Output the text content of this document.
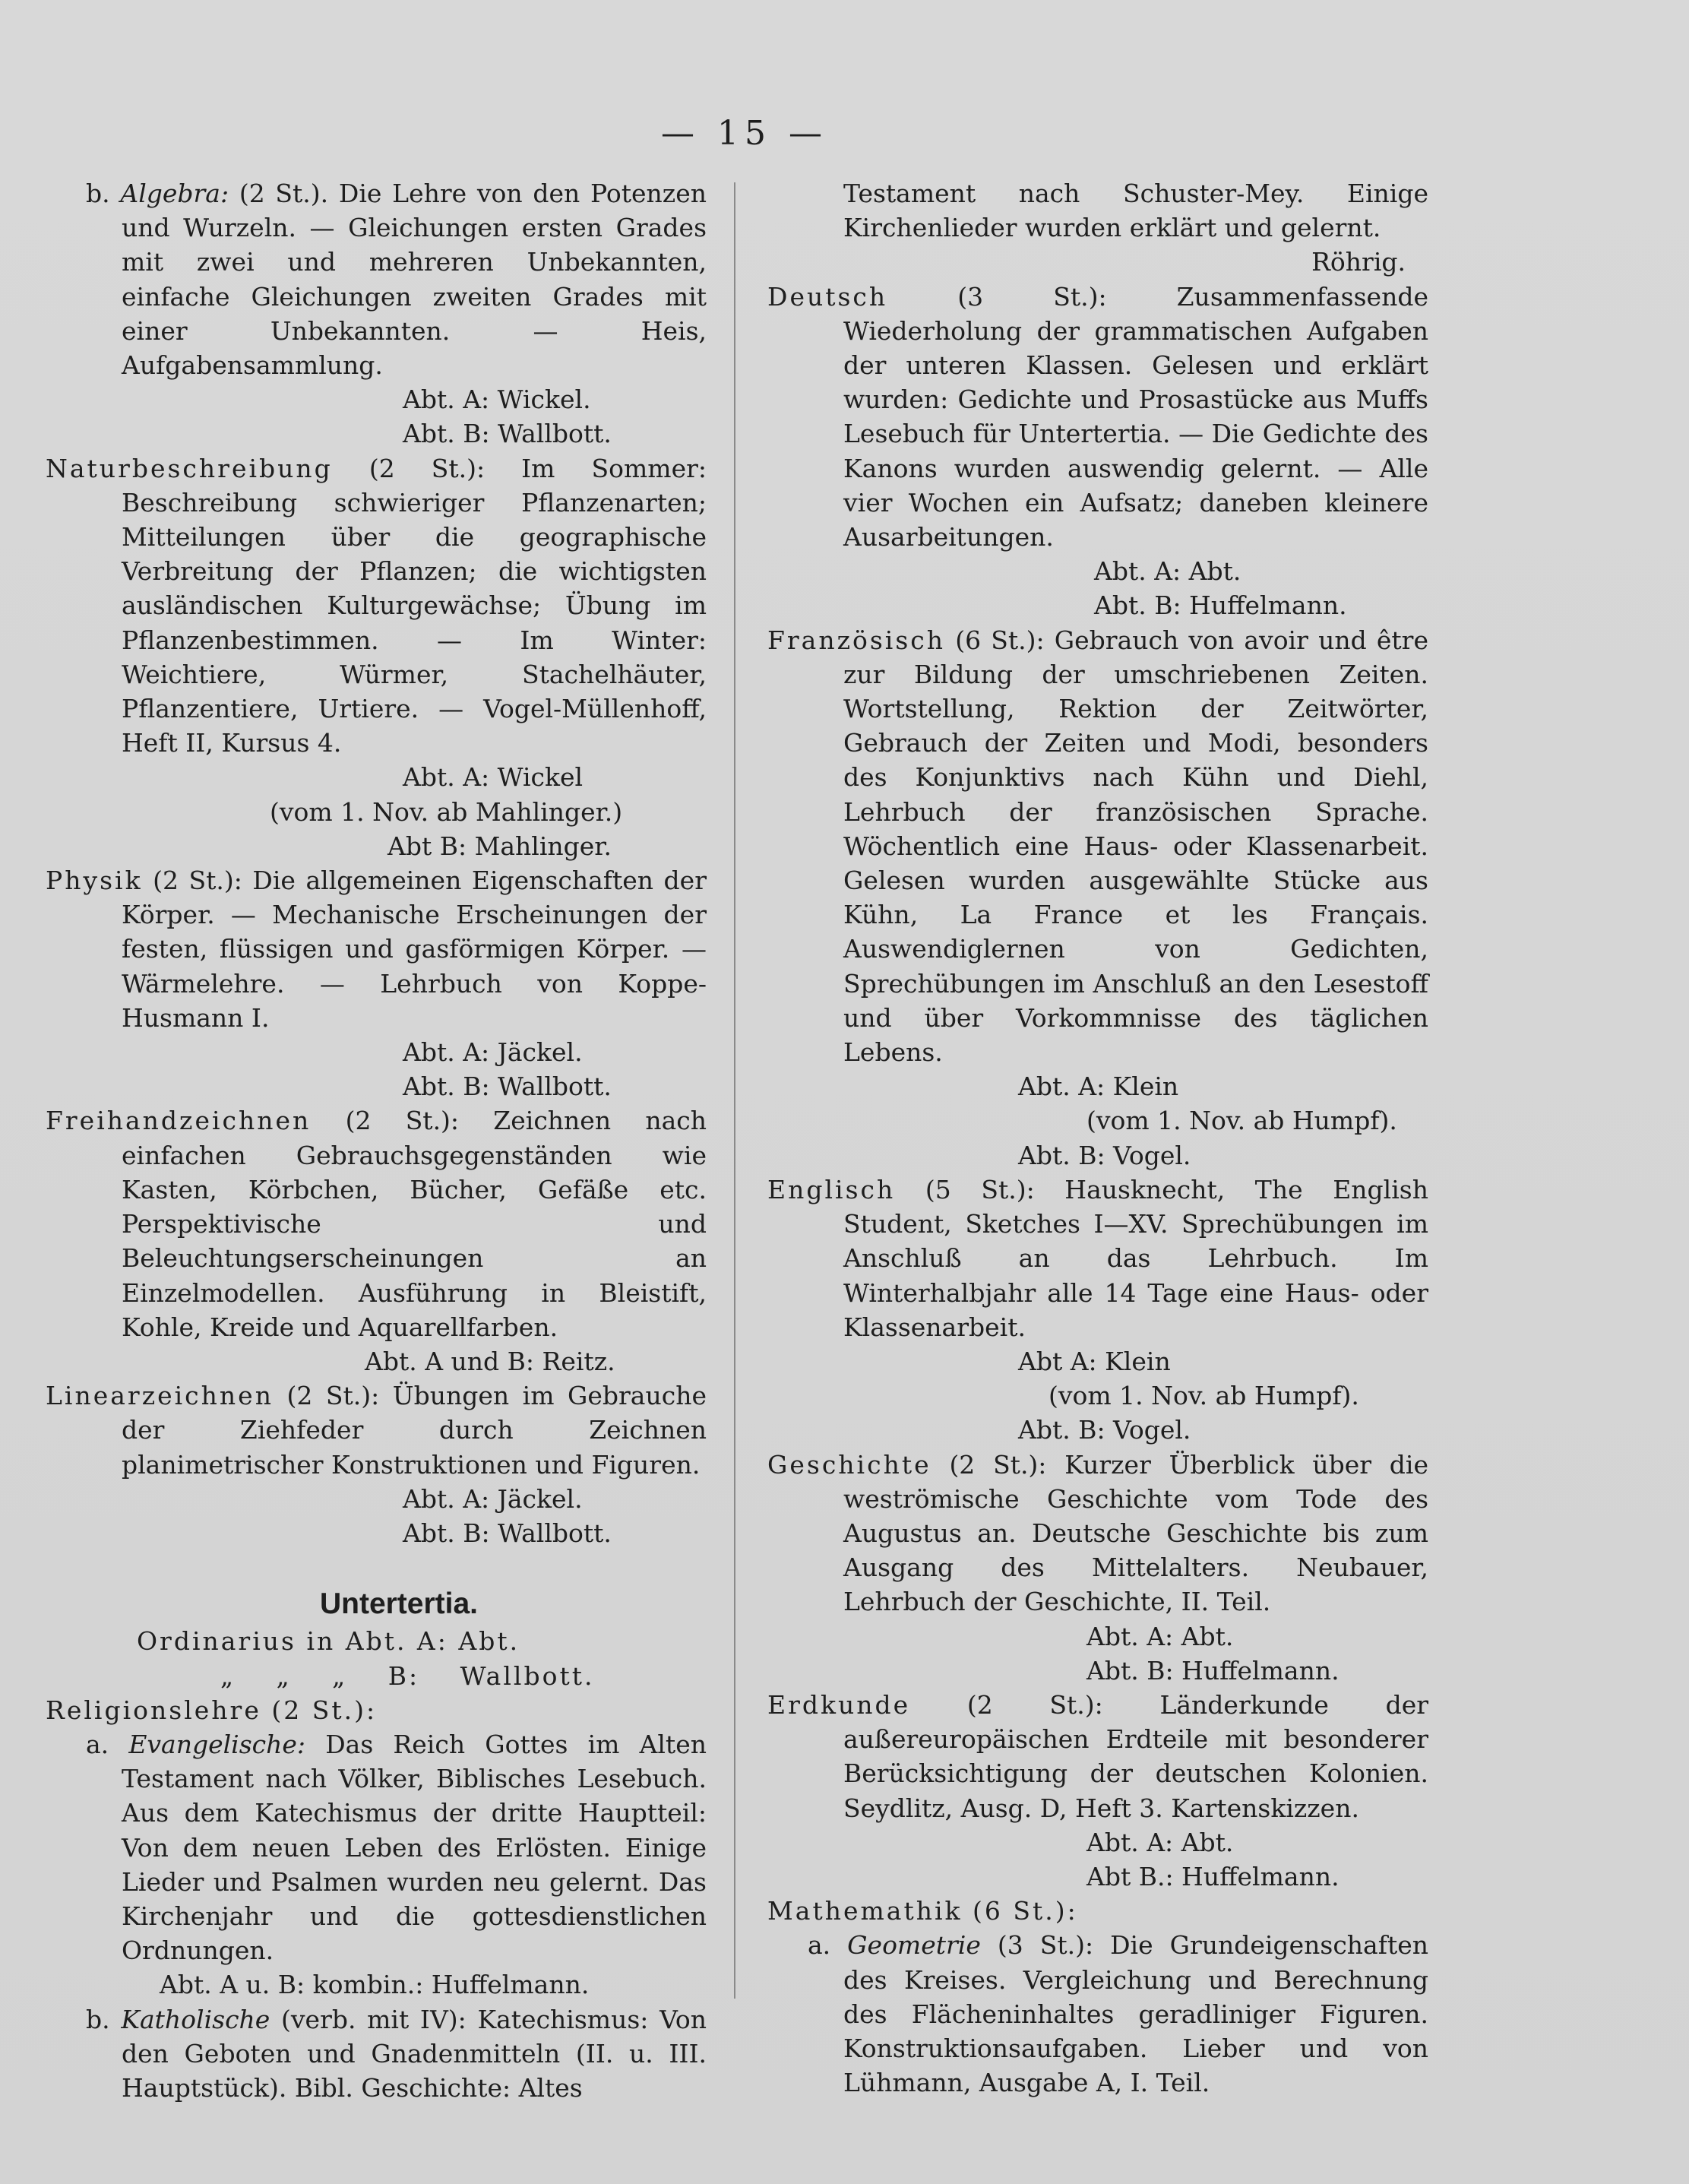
— 15 —

b. Algebra: (2 St.). Die Lehre von den Potenzen und Wurzeln. — Gleichungen ersten Grades mit zwei und mehreren Unbekannten, einfache Gleichungen zweiten Grades mit einer Unbekannten. — Heis, Aufgabensammlung.

Abt. A: Wickel.

Abt. B: Wallbott.

Naturbeschreibung (2 St.): Im Sommer: Beschreibung schwieriger Pflanzenarten; Mitteilungen über die geographische Verbreitung der Pflanzen; die wichtigsten ausländischen Kulturgewächse; Übung im Pflanzenbestimmen. — Im Winter: Weichtiere, Würmer, Stachelhäuter, Pflanzentiere, Urtiere. — Vogel-Müllenhoff, Heft II, Kursus 4.

Abt. A: Wickel

(vom 1. Nov. ab Mahlinger.)

Abt B: Mahlinger.

Physik (2 St.): Die allgemeinen Eigenschaften der Körper. — Mechanische Erscheinungen der festen, flüssigen und gasförmigen Körper. — Wärmelehre. — Lehrbuch von Koppe-Husmann I.

Abt. A: Jäckel.

Abt. B: Wallbott.

Freihandzeichnen (2 St.): Zeichnen nach einfachen Gebrauchsgegenständen wie Kasten, Körbchen, Bücher, Gefäße etc. Perspektivische und Beleuchtungserscheinungen an Einzelmodellen. Ausführung in Bleistift, Kohle, Kreide und Aquarellfarben.

Abt. A und B: Reitz.

Linearzeichnen (2 St.): Übungen im Gebrauche der Ziehfeder durch Zeichnen planimetrischer Konstruktionen und Figuren.

Abt. A: Jäckel.

Abt. B: Wallbott.

Untertertia.

Ordinarius in Abt. A: Abt.

„ „ „ B: Wallbott.

Religionslehre (2 St.):

a. Evangelische: Das Reich Gottes im Alten Testament nach Völker, Biblisches Lesebuch. Aus dem Katechismus der dritte Hauptteil: Von dem neuen Leben des Erlösten. Einige Lieder und Psalmen wurden neu gelernt. Das Kirchenjahr und die gottesdienstlichen Ordnungen.

Abt. A u. B: kombin.: Huffelmann.

b. Katholische (verb. mit IV): Katechismus: Von den Geboten und Gnadenmitteln (II. u. III. Hauptstück). Bibl. Geschichte: Altes

Testament nach Schuster-Mey. Einige Kirchenlieder wurden erklärt und gelernt.

Röhrig.

Deutsch	(3 St.): Zusammenfassende Wiederholung der grammatischen Aufgaben der unteren Klassen. Gelesen und erklärt wurden: Gedichte und Prosastücke aus Muffs Lesebuch für Untertertia. — Die Gedichte des Kanons wurden auswendig gelernt. — Alle vier Wochen ein Aufsatz; daneben kleinere Ausarbeitungen.

Abt. A: Abt.

Abt. B: Huffelmann.

Französisch (6 St.): Gebrauch von avoir und être zur Bildung der umschriebenen Zeiten. Wortstellung, Rektion der Zeitwörter, Gebrauch der Zeiten und Modi, besonders des Konjunktivs nach Kühn und Diehl, Lehrbuch der französischen Sprache. Wöchentlich eine Haus- oder Klassenarbeit. Gelesen wurden ausgewählte Stücke aus Kühn, La France et les Français. Auswendiglernen von Gedichten, Sprechübungen im Anschluß an den Lesestoff und über Vorkommnisse des täglichen Lebens.

Abt. A: Klein

(vom 1. Nov. ab Humpf).

Abt. B: Vogel.

Englisch (5 St.): Hausknecht, The English Student, Sketches I—XV. Sprechübungen im Anschluß an das Lehrbuch. Im Winterhalbjahr alle 14 Tage eine Haus- oder Klassenarbeit.

Abt A: Klein

(vom 1. Nov. ab Humpf).

Abt. B: Vogel.

Geschichte (2 St.): Kurzer Überblick über die weströmische Geschichte vom Tode des Augustus an. Deutsche Geschichte bis zum Ausgang des Mittelalters. Neubauer, Lehrbuch der Geschichte, II. Teil.

Abt. A: Abt.

Abt. B: Huffelmann.

Erdkunde (2 St.): Länderkunde der außereuropäischen Erdteile mit besonderer Berücksichtigung der deutschen Kolonien. Seydlitz, Ausg. D, Heft 3. Kartenskizzen.

Abt. A: Abt.

Abt B.: Huffelmann.

Mathemathik (6 St.):

a. Geometrie (3 St.): Die Grundeigenschaften des Kreises. Vergleichung und Berechnung des Flächeninhaltes geradliniger Figuren. Konstruktionsaufgaben. Lieber und von Lühmann, Ausgabe A, I. Teil.
